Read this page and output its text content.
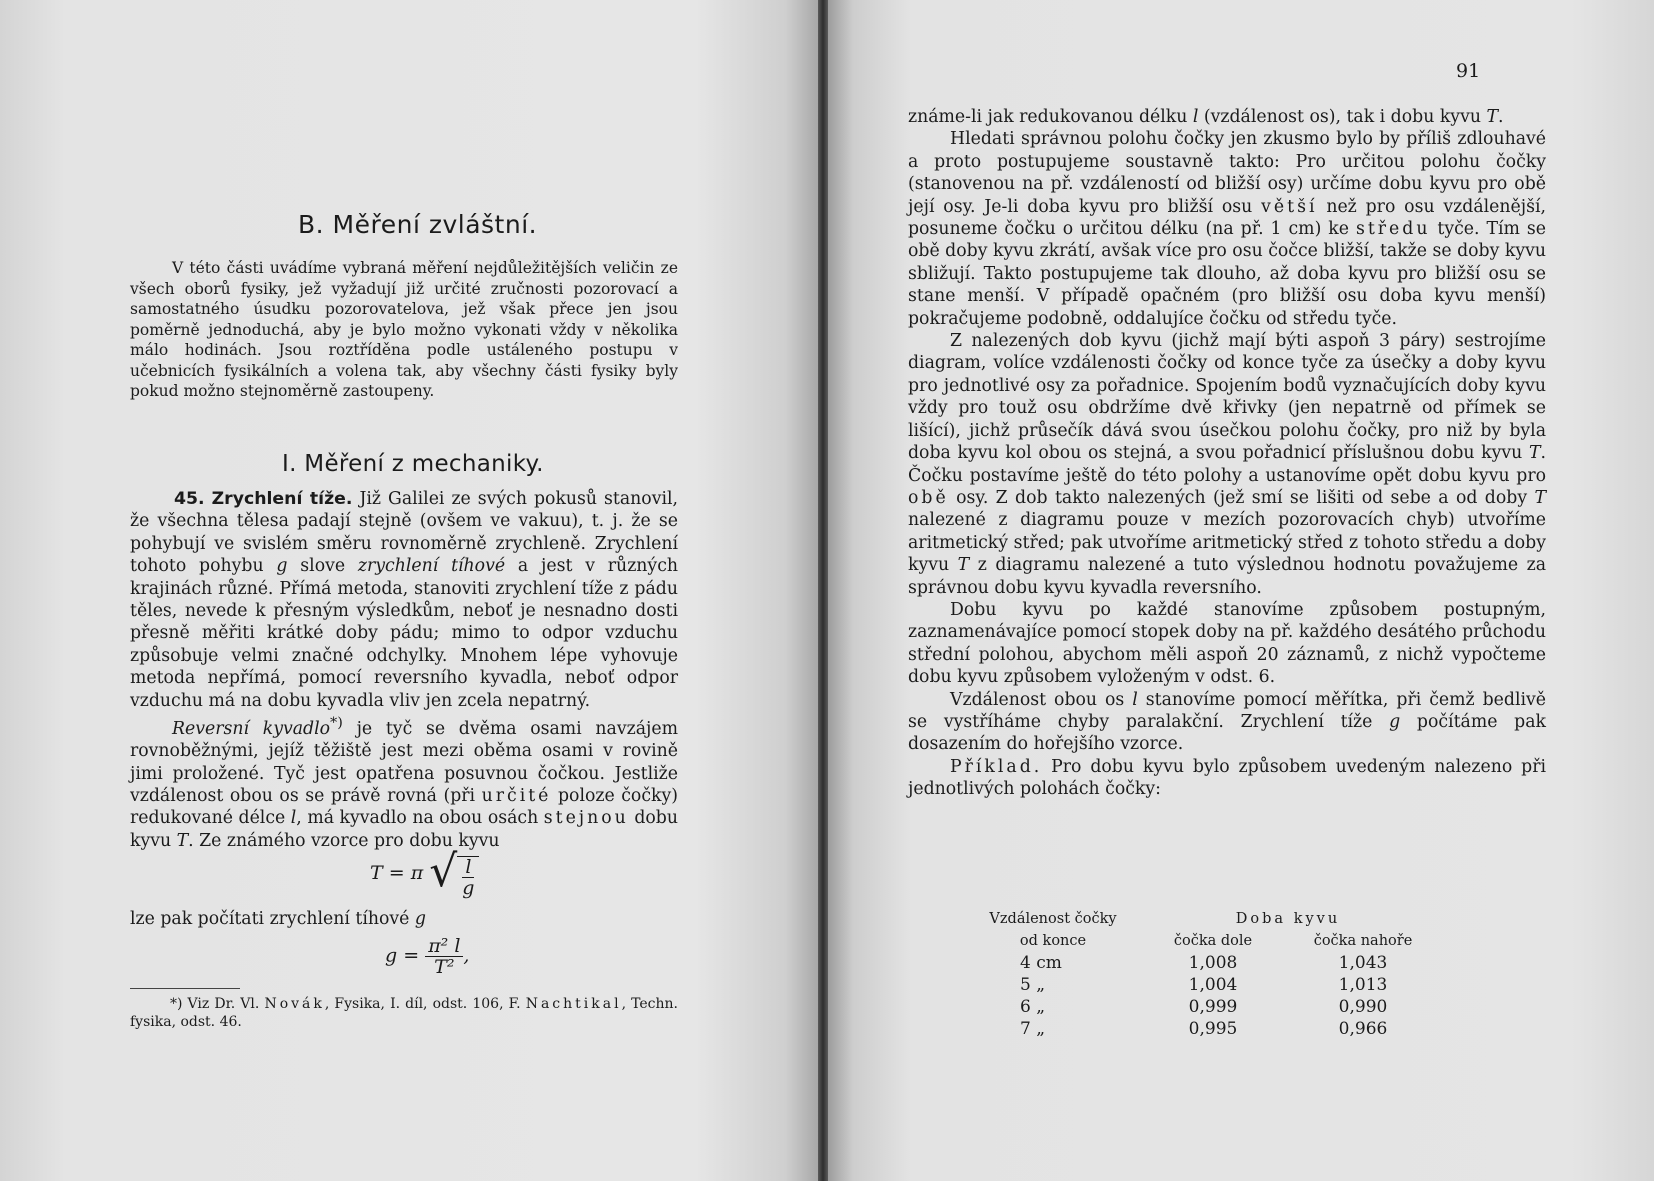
B. Měření zvláštní.

V této části uvádíme vybraná měření nejdůležitějších veličin ze všech oborů fysiky, jež vyžadují již určité zručnosti pozorovací a samostatného úsudku pozorovatelova, jež však přece jen jsou poměrně jednoduchá, aby je bylo možno vykonati vždy v několika málo hodinách. Jsou roztříděna podle ustáleného postupu v učebnicích fysikálních a volena tak, aby všechny části fysiky byly pokud možno stejnoměrně zastoupeny.

I. Měření z mechaniky.

45. Zrychlení tíže. Již Galilei ze svých pokusů stanovil, že všechna tělesa padají stejně (ovšem ve vakuu), t. j. že se pohybují ve svislém směru rovnoměrně zrychleně. Zrychlení tohoto pohybu g slove zrychlení tíhové a jest v různých krajinách různé. Přímá metoda, stanoviti zrychlení tíže z pádu těles, nevede k přesným výsledkům, neboť je nesnadno dosti přesně měřiti krátké doby pádu; mimo to odpor vzduchu způsobuje velmi značné odchylky. Mnohem lépe vyhovuje metoda nepřímá, pomocí reversního kyvadla, neboť odpor vzduchu má na dobu kyvadla vliv jen zcela nepatrný.

Reversní kyvadlo*) je tyč se dvěma osami navzájem rovnoběžnými, jejíž těžiště jest mezi oběma osami v rovině jimi proložené. Tyč jest opatřena posuvnou čočkou. Jestliže vzdálenost obou os se právě rovná (při určité poloze čočky) redukované délce l, má kyvadlo na obou osách stejnou dobu kyvu T. Ze známého vzorce pro dobu kyvu

T = π √ $\frac{l}{g}$
lze pak počítati zrychlení tíhové g
$g = \frac{\text{π² l}}{\text{T²}}$ ,

*) Viz Dr. Vl. Novák, Fysika, I. díl, odst. 106, F. Nachtikal, Techn. fysika, odst. 46.

91

známe-li jak redukovanou délku l (vzdálenost os), tak i dobu kyvu T.

Hledati správnou polohu čočky jen zkusmo bylo by příliš zdlouhavé a proto postupujeme soustavně takto: Pro určitou polohu čočky (stanovenou na př. vzdáleností od bližší osy) určíme dobu kyvu pro obě její osy. Je-li doba kyvu pro bližší osu větší než pro osu vzdálenější, posuneme čočku o určitou délku (na př. 1 cm) ke středu tyče. Tím se obě doby kyvu zkrátí, avšak více pro osu čočce bližší, takže se doby kyvu sbližují. Takto postupujeme tak dlouho, až doba kyvu pro bližší osu se stane menší. V případě opačném (pro bližší osu doba kyvu menší) pokračujeme podobně, oddalujíce čočku od středu tyče.

Z nalezených dob kyvu (jichž mají býti aspoň 3 páry) sestrojíme diagram, volíce vzdálenosti čočky od konce tyče za úsečky a doby kyvu pro jednotlivé osy za pořadnice. Spojením bodů vyznačujících doby kyvu vždy pro touž osu obdržíme dvě křivky (jen nepatrně od přímek se lišící), jichž průsečík dává svou úsečkou polohu čočky, pro niž by byla doba kyvu kol obou os stejná, a svou pořadnicí příslušnou dobu kyvu T. Čočku postavíme ještě do této polohy a ustanovíme opět dobu kyvu pro obě osy. Z dob takto nalezených (jež smí se lišiti od sebe a od doby T nalezené z diagramu pouze v mezích pozorovacích chyb) utvoříme aritmetický střed; pak utvoříme aritmetický střed z tohoto středu a doby kyvu T z diagramu nalezené a tuto výslednou hodnotu považujeme za správnou dobu kyvu kyvadla reversního.

Dobu kyvu po každé stanovíme způsobem postupným, zaznamenávajíce pomocí stopek doby na př. každého desátého průchodu střední polohou, abychom měli aspoň 20 záznamů, z nichž vypočteme dobu kyvu způsobem vyloženým v odst. 6.

Vzdálenost obou os l stanovíme pomocí měřítka, při čemž bedlivě se vystříháme chyby paralakční. Zrychlení tíže g počítáme pak dosazením do hořejšího vzorce.

Příklad. Pro dobu kyvu bylo způsobem uvedeným nalezeno při jednotlivých polohách čočky:

Vzdálenost čočky	Doba kyvu	
od konce	čočka dole	čočka nahoře
4 cm	1,008	1,043
5 „	1,004	1,013
6 „	0,999	0,990
7 „	0,995	0,966
